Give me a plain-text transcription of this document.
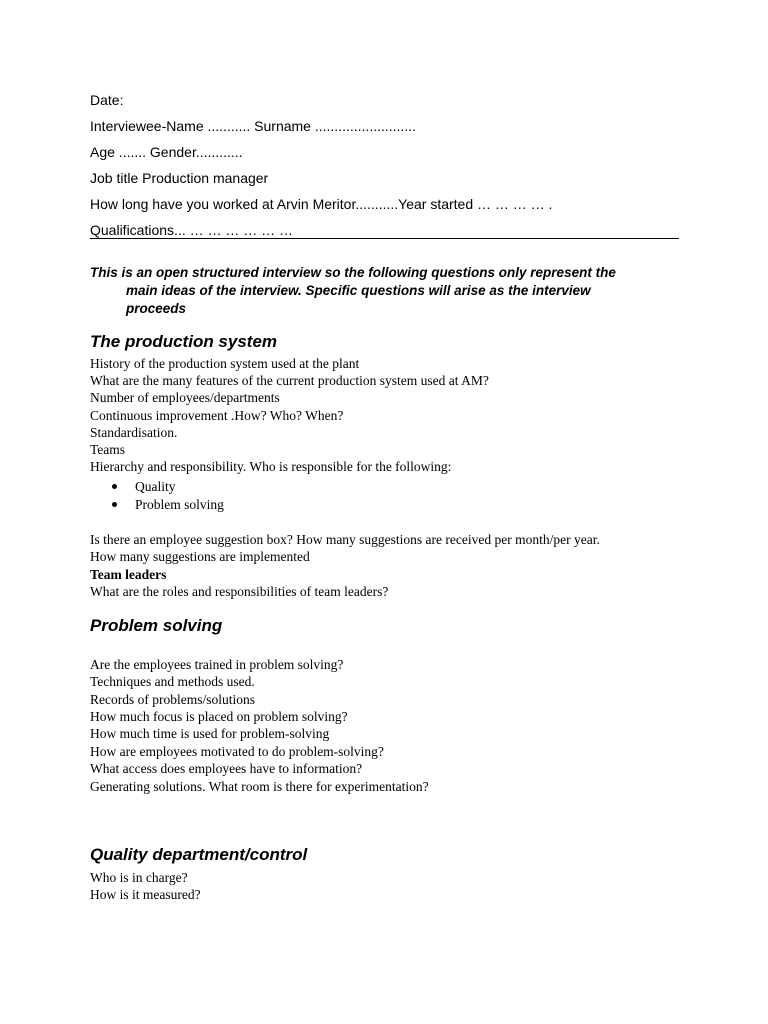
Date:
Interviewee-Name ........... Surname ..........................
Age ....... Gender............
Job title Production manager
How long have you worked at Arvin Meritor...........Year started … … … … .
Qualifications... … … … … … …
This is an open structured interview so the following questions only represent the
main ideas of the interview. Specific questions will arise as the interview
proceeds
The production system
History of the production system used at the plant
What are the many features of the current production system used at AM?
Number of employees/departments
Continuous improvement .How? Who? When?
Standardisation.
Teams
Hierarchy and responsibility. Who is responsible for the following:
Quality
Problem solving
Is there an employee suggestion box? How many suggestions are received per month/per year.
How many suggestions are implemented
Team leaders
What are the roles and responsibilities of team leaders?
Problem solving
Are the employees trained in problem solving?
Techniques and methods used.
Records of problems/solutions
How much focus is placed on problem solving?
How much time is used for problem-solving
How are employees motivated to do problem-solving?
What access does employees have to information?
Generating solutions. What room is there for experimentation?
Quality department/control
Who is in charge?
How is it measured?
